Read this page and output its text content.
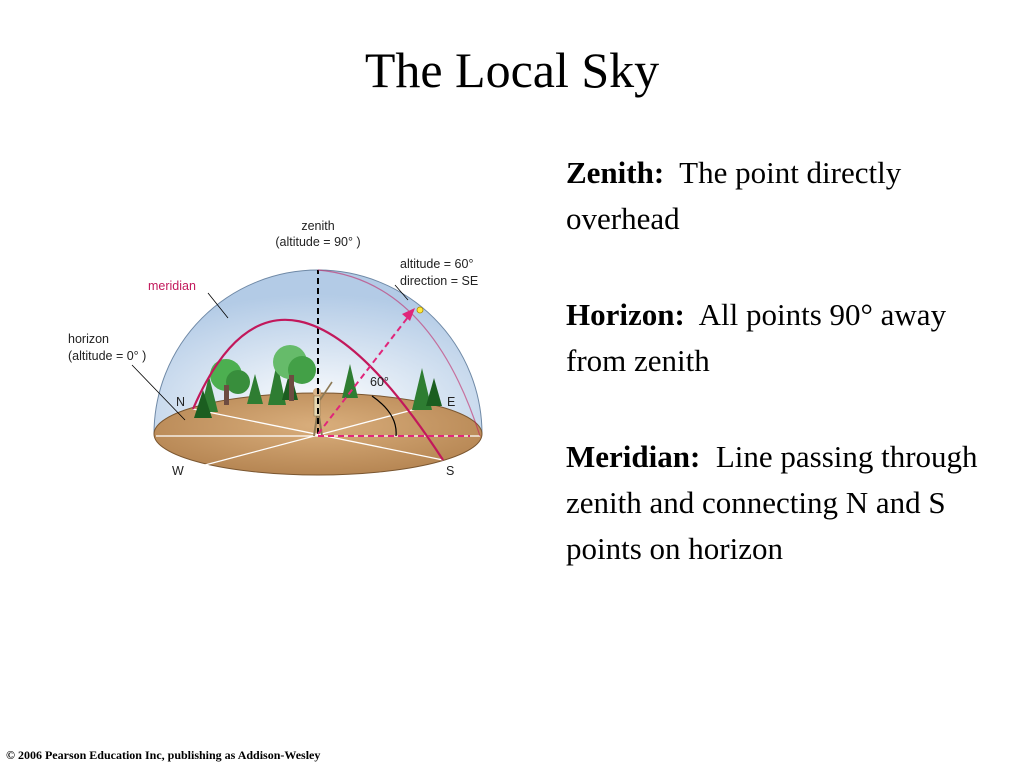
The Local Sky
zenith
(altitude = 90° )
altitude = 60°
direction = SE
meridian
horizon
(altitude = 0° )
60°
N	E
W	S

Zenith: The point directly overhead

Horizon: All points 90° away from zenith

Meridian: Line passing through zenith and connecting N and S points on horizon

© 2006 Pearson Education Inc, publishing as Addison-Wesley
